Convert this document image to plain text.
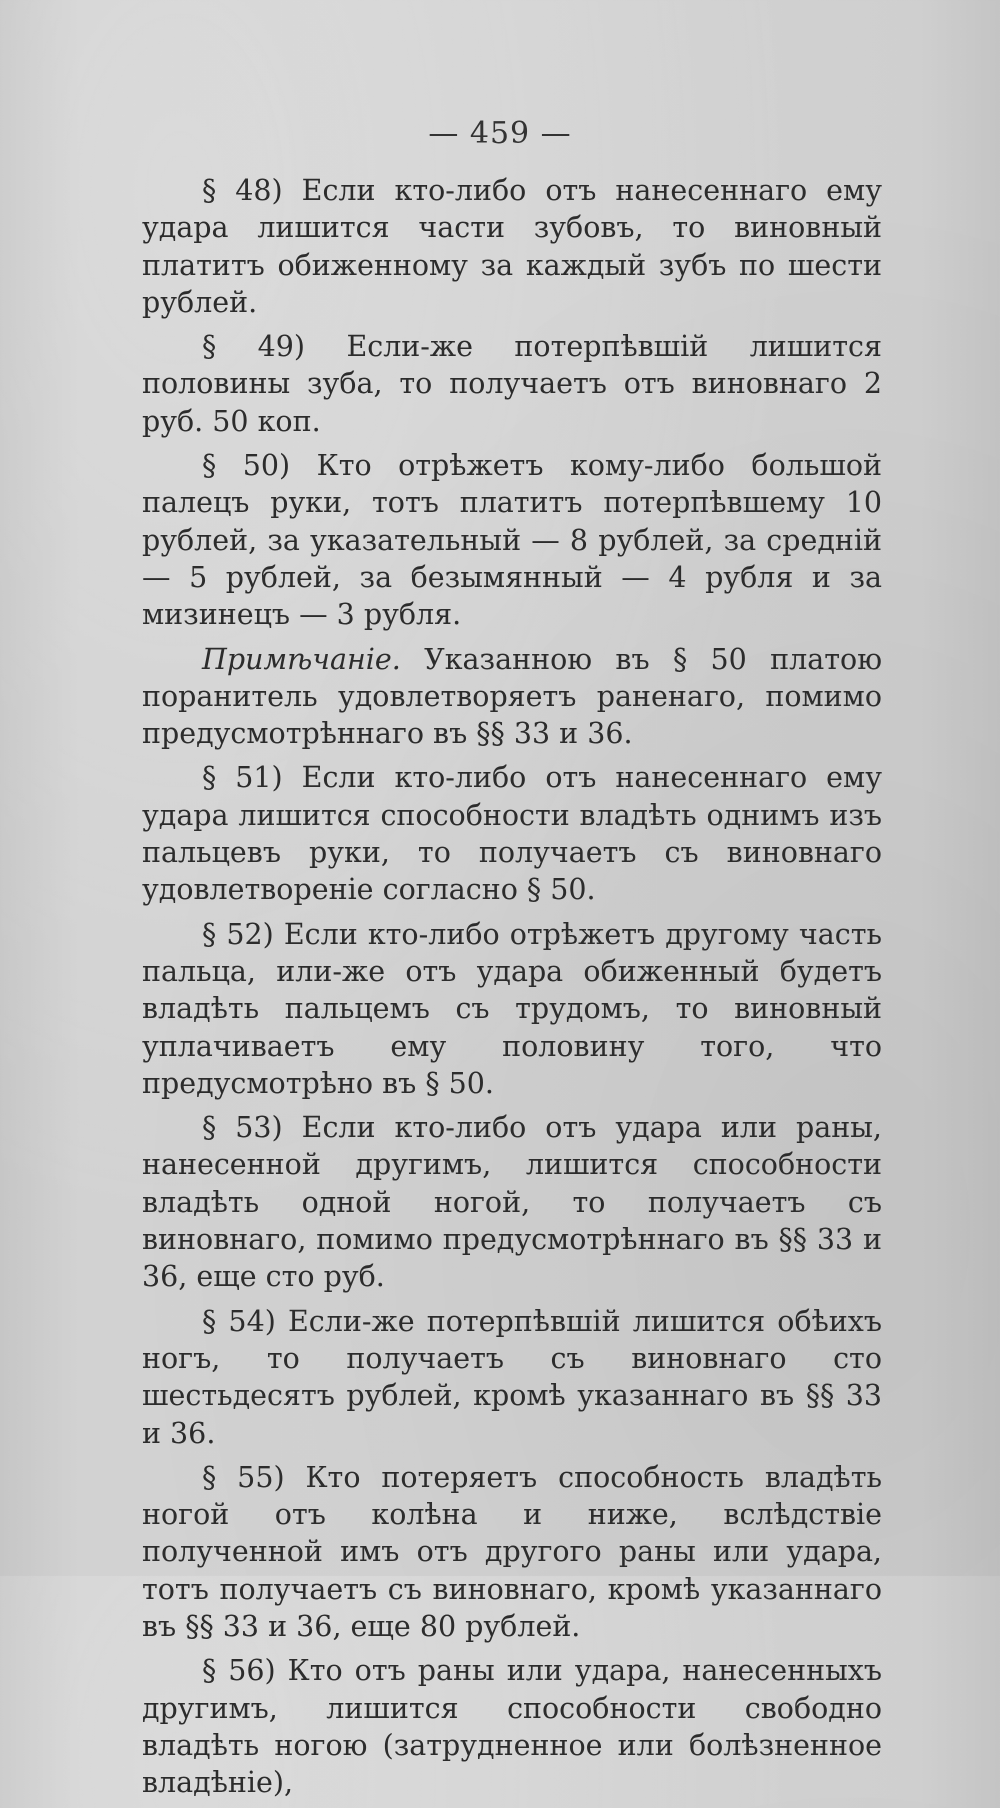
— 459 —

§ 48) Если кто-либо отъ нанесеннаго ему удара лишится части зубовъ, то виновный платитъ обиженному за каждый зубъ по шести рублей.

§ 49) Если-же потерпѣвшій лишится половины зуба, то получаетъ отъ виновнаго 2 руб. 50 коп.

§ 50) Кто отрѣжетъ кому-либо большой палецъ руки, тотъ платитъ потерпѣвшему 10 рублей, за указательный — 8 рублей, за средній — 5 рублей, за безымянный — 4 рубля и за мизинецъ — 3 рубля.

Примѣчаніе. Указанною въ § 50 платою поранитель удовлетворяетъ раненаго, помимо предусмотрѣннаго въ §§ 33 и 36.

§ 51) Если кто-либо отъ нанесеннаго ему удара лишится способности владѣть однимъ изъ пальцевъ руки, то получаетъ съ виновнаго удовлетвореніе согласно § 50.

§ 52) Если кто-либо отрѣжетъ другому часть пальца, или-же отъ удара обиженный будетъ владѣть пальцемъ съ трудомъ, то виновный уплачиваетъ ему половину того, что предусмотрѣно въ § 50.

§ 53) Если кто-либо отъ удара или раны, нанесенной другимъ, лишится способности владѣть одной ногой, то получаетъ съ виновнаго, помимо предусмотрѣннаго въ §§ 33 и 36, еще сто руб.

§ 54) Если-же потерпѣвшій лишится обѣихъ ногъ, то получаетъ съ виновнаго сто шестьдесятъ рублей, кромѣ указаннаго въ §§ 33 и 36.

§ 55) Кто потеряетъ способность владѣть ногой отъ колѣна и ниже, вслѣдствіе полученной имъ отъ другого раны или удара, тотъ получаетъ съ виновнаго, кромѣ указаннаго въ §§ 33 и 36, еще 80 рублей.

§ 56) Кто отъ раны или удара, нанесенныхъ другимъ, лишится способности свободно владѣть ногою (затрудненное или болѣзненное владѣніе),
